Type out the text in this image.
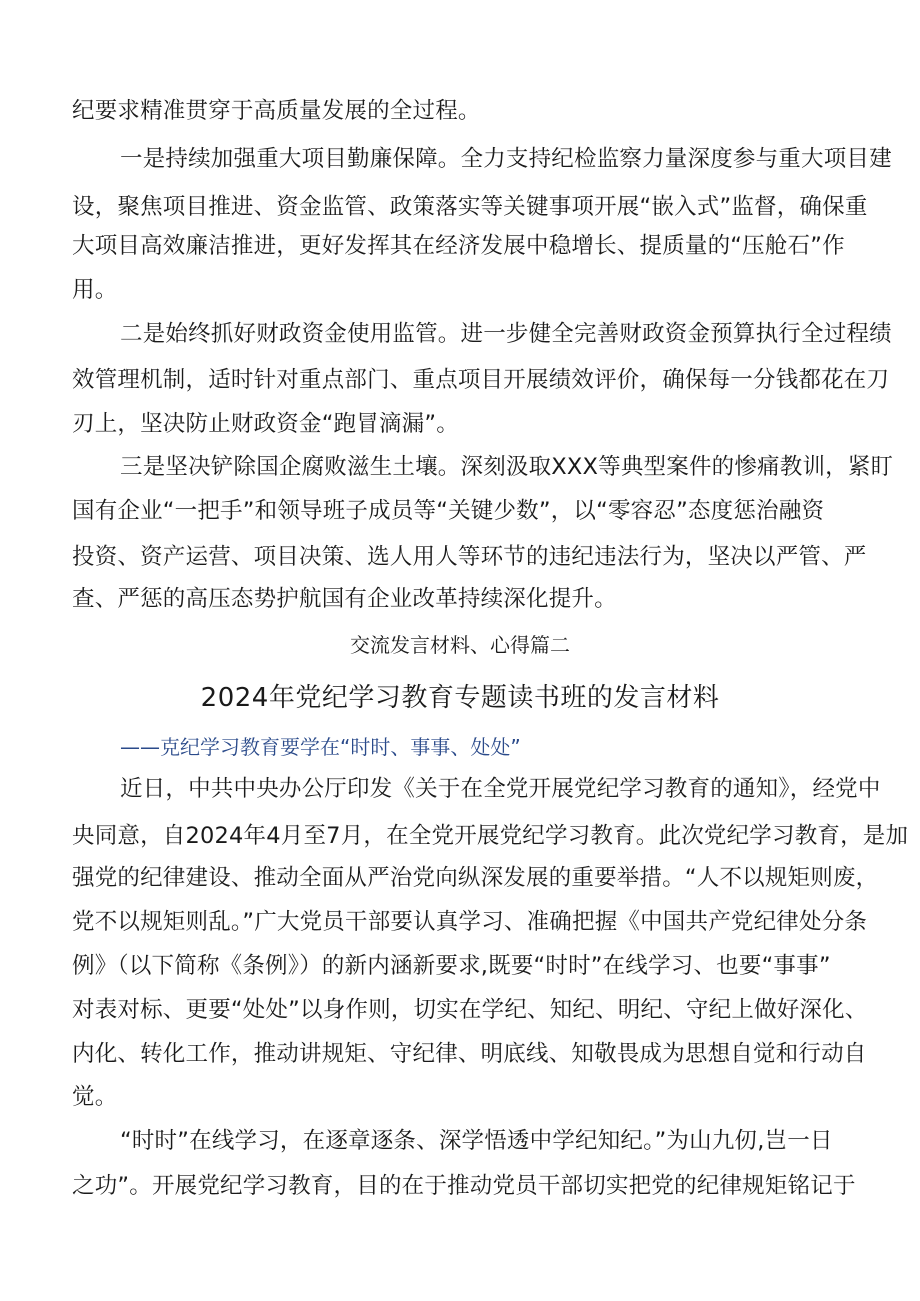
纪要求精准贯穿于高质量发展的全过程。
一是持续加强重大项目勤廉保障。全力支持纪检监察力量深度参与重大项目建
设，聚焦项目推进、资金监管、政策落实等关键事项开展“嵌入式”监督，确保重
大项目高效廉洁推进，更好发挥其在经济发展中稳增长、提质量的“压舱石”作
用。
二是始终抓好财政资金使用监管。进一步健全完善财政资金预算执行全过程绩
效管理机制，适时针对重点部门、重点项目开展绩效评价，确保每一分钱都花在刀
刃上，坚决防止财政资金“跑冒滴漏”。
三是坚决铲除国企腐败滋生土壤。深刻汲取XXX等典型案件的惨痛教训，紧盯
国有企业“一把手”和领导班子成员等“关键少数”，以“零容忍”态度惩治融资
投资、资产运营、项目决策、选人用人等环节的违纪违法行为，坚决以严管、严
查、严惩的高压态势护航国有企业改革持续深化提升。
交流发言材料、心得篇二
2024年党纪学习教育专题读书班的发言材料
——克纪学习教育要学在“时时、事事、处处”
近日，中共中央办公厅印发《关于在全党开展党纪学习教育的通知》，经党中
央同意，自2024年4月至7月，在全党开展党纪学习教育。此次党纪学习教育，是加
强党的纪律建设、推动全面从严治党向纵深发展的重要举措。“人不以规矩则废，
党不以规矩则乱。”广大党员干部要认真学习、准确把握《中国共产党纪律处分条
例》（以下简称《条例》）的新内涵新要求,既要“时时”在线学习、也要“事事”
对表对标、更要“处处”以身作则，切实在学纪、知纪、明纪、守纪上做好深化、
内化、转化工作，推动讲规矩、守纪律、明底线、知敬畏成为思想自觉和行动自
觉。
“时时”在线学习，在逐章逐条、深学悟透中学纪知纪。”为山九仞,岂一日
之功”。开展党纪学习教育，目的在于推动党员干部切实把党的纪律规矩铭记于
